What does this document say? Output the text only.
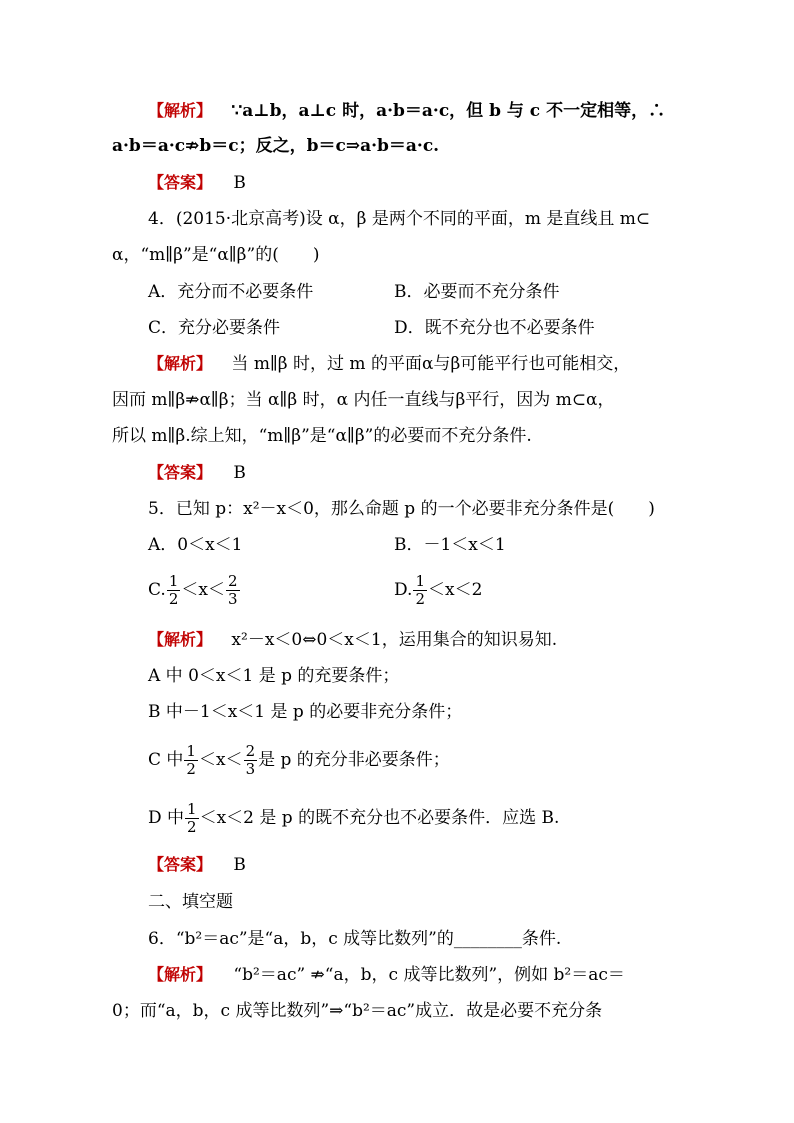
【解析】 ∵a⊥b，a⊥c 时，a·b＝a·c，但 b 与 c 不一定相等，∴
a·b＝a·c⇏b＝c；反之，b＝c⇒a·b＝a·c.
【答案】 B
4．(2015·北京高考)设 α，β 是两个不同的平面，m 是直线且 m⊂
α，“m∥β”是“α∥β”的(　　)
A．充分而不必要条件	B．必要而不充分条件
C．充分必要条件	D．既不充分也不必要条件
【解析】 当 m∥β 时，过 m 的平面α与β可能平行也可能相交，
因而 m∥β⇏α∥β；当 α∥β 时，α 内任一直线与β平行，因为 m⊂α，
所以 m∥β.综上知，“m∥β”是“α∥β”的必要而不充分条件.
【答案】 B
5．已知 p：x²－x＜0，那么命题 p 的一个必要非充分条件是(　　)
A．0＜x＜1	B．－1＜x＜1
C. $\frac{1}{2} <x< \frac{2}{3}$	D. $\frac{1}{2} <x<2$
【解析】 x²－x＜0⇔0＜x＜1，运用集合的知识易知.
A 中 0＜x＜1 是 p 的充要条件；
B 中－1＜x＜1 是 p 的必要非充分条件；
C 中 $\frac{1}{2} <x< \frac{2}{3}$ 是 p 的充分非必要条件；
D 中 $\frac{1}{2} <x<2$ 是 p 的既不充分也不必要条件．应选 B.
【答案】 B
二、填空题
6．“b²＝ac”是“a，b，c 成等比数列”的________条件.
【解析】 “b²＝ac” ⇏“a，b，c 成等比数列”，例如 b²＝ac＝
0；而“a，b，c 成等比数列”⇒“b²＝ac”成立．故是必要不充分条
